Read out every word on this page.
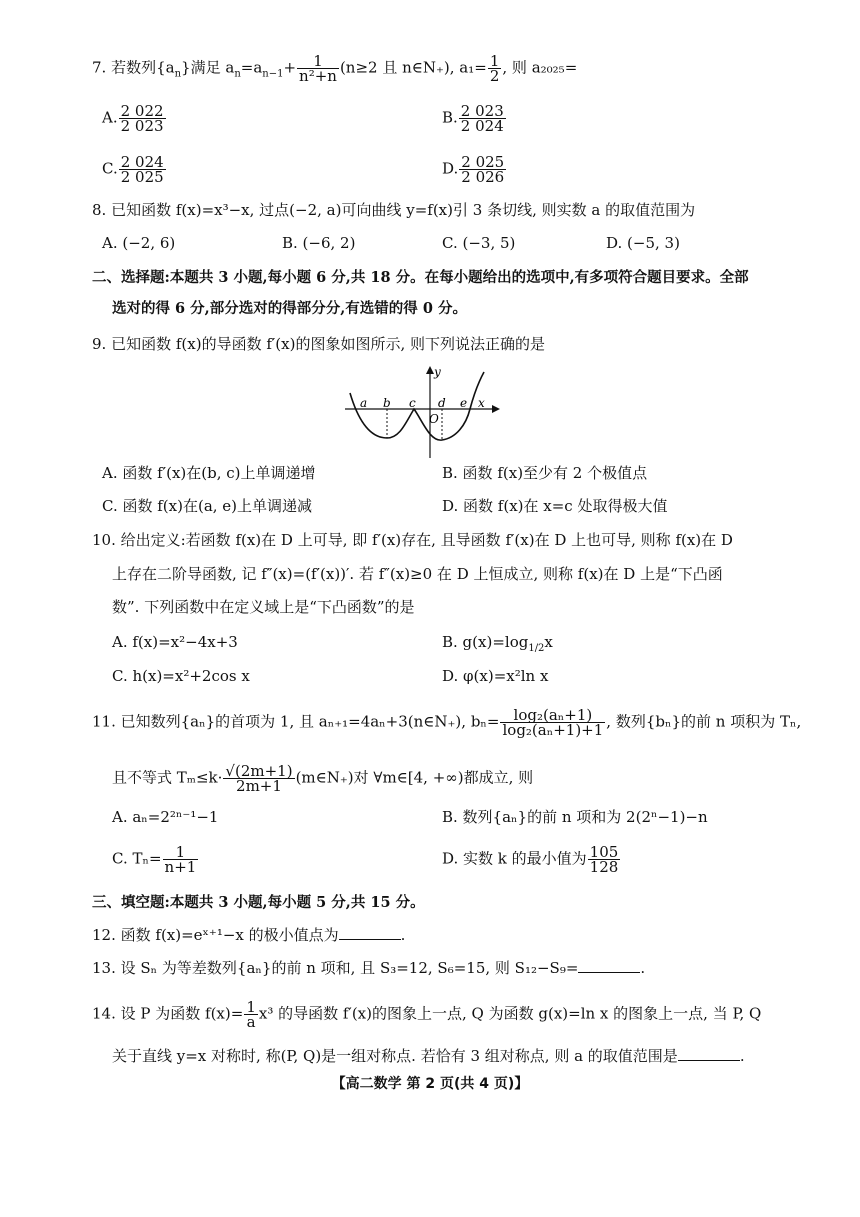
7. 若数列$\{a_n\}$满足 $a_n=a_{n-1}+ \frac{1}{\text{n²+n}} (n\ge 2$ 且 n∈N₊), $a_1= \frac{1}{2}$ , 则 a₂₀₂₅=
A. $\frac{2 022}{2 023}$	B. $\frac{2 023}{2 024}$
C. $\frac{2 024}{2 025}$	D. $\frac{2 025}{2 026}$
8. 已知函数 f(x)=x³−x, 过点(−2, a)可向曲线 y=f(x)引 3 条切线, 则实数 a 的取值范围为
A. (−2, 6)	B. (−6, 2)	C. (−3, 5)	D. (−5, 3)
二、选择题:本题共 3 小题,每小题 6 分,共 18 分。在每小题给出的选项中,有多项符合题目要求。全部
选对的得 6 分,部分选对的得部分分,有选错的得 0 分。
9. 已知函数 f(x)的导函数 f′(x)的图象如图所示, 则下列说法正确的是
a b c d e x
y
O
A. 函数 f′(x)在(b, c)上单调递增	B. 函数 f(x)至少有 2 个极值点
C. 函数 f(x)在(a, e)上单调递减	D. 函数 f(x)在 x=c 处取得极大值
10. 给出定义:若函数 f(x)在 D 上可导, 即 f′(x)存在, 且导函数 f′(x)在 D 上也可导, 则称 f(x)在 D
上存在二阶导函数, 记 f″(x)=(f′(x))′. 若 f″(x)≥0 在 D 上恒成立, 则称 f(x)在 D 上是“下凸函
数”. 下列函数中在定义域上是“下凸函数”的是
A. f(x)=x²−4x+3	B. $g(x)=\log_{1/2}x$
C. h(x)=x²+2cos x	D. φ(x)=x²ln x
11. 已知数列{aₙ}的首项为 1, 且 aₙ₊₁=4aₙ+3(n∈N₊), $b_n= \frac{\text{log₂(aₙ+1)}}{\text{log₂(aₙ+1)+1}}$ , 数列{bₙ}的前 n 项积为 Tₙ,
且不等式 $T_m\le k\cdot \frac{√(2m+1)}{2m+1}$ (m∈N₊)对 ∀m∈[4, +∞)都成立, 则
A. aₙ=2²ⁿ⁻¹−1	B. 数列{aₙ}的前 n 项和为 2(2ⁿ−1)−n
C. $T_n= \frac{1}{n+1}$	D. 实数 k 的最小值为 $\frac{105}{128}$
三、填空题:本题共 3 小题,每小题 5 分,共 15 分。
12. 函数 f(x)=eˣ⁺¹−x 的极小值点为	.
13. 设 Sₙ 为等差数列{aₙ}的前 n 项和, 且 S₃=12, S₆=15, 则 S₁₂−S₉=	.
14. 设 P 为函数 $f(x)= \frac{1}{a} x^3$ 的导函数 f′(x)的图象上一点, Q 为函数 g(x)=ln x 的图象上一点, 当 P, Q
关于直线 y=x 对称时, 称(P, Q)是一组对称点. 若恰有 3 组对称点, 则 a 的取值范围是	.
【高二数学 第 2 页(共 4 页)】
